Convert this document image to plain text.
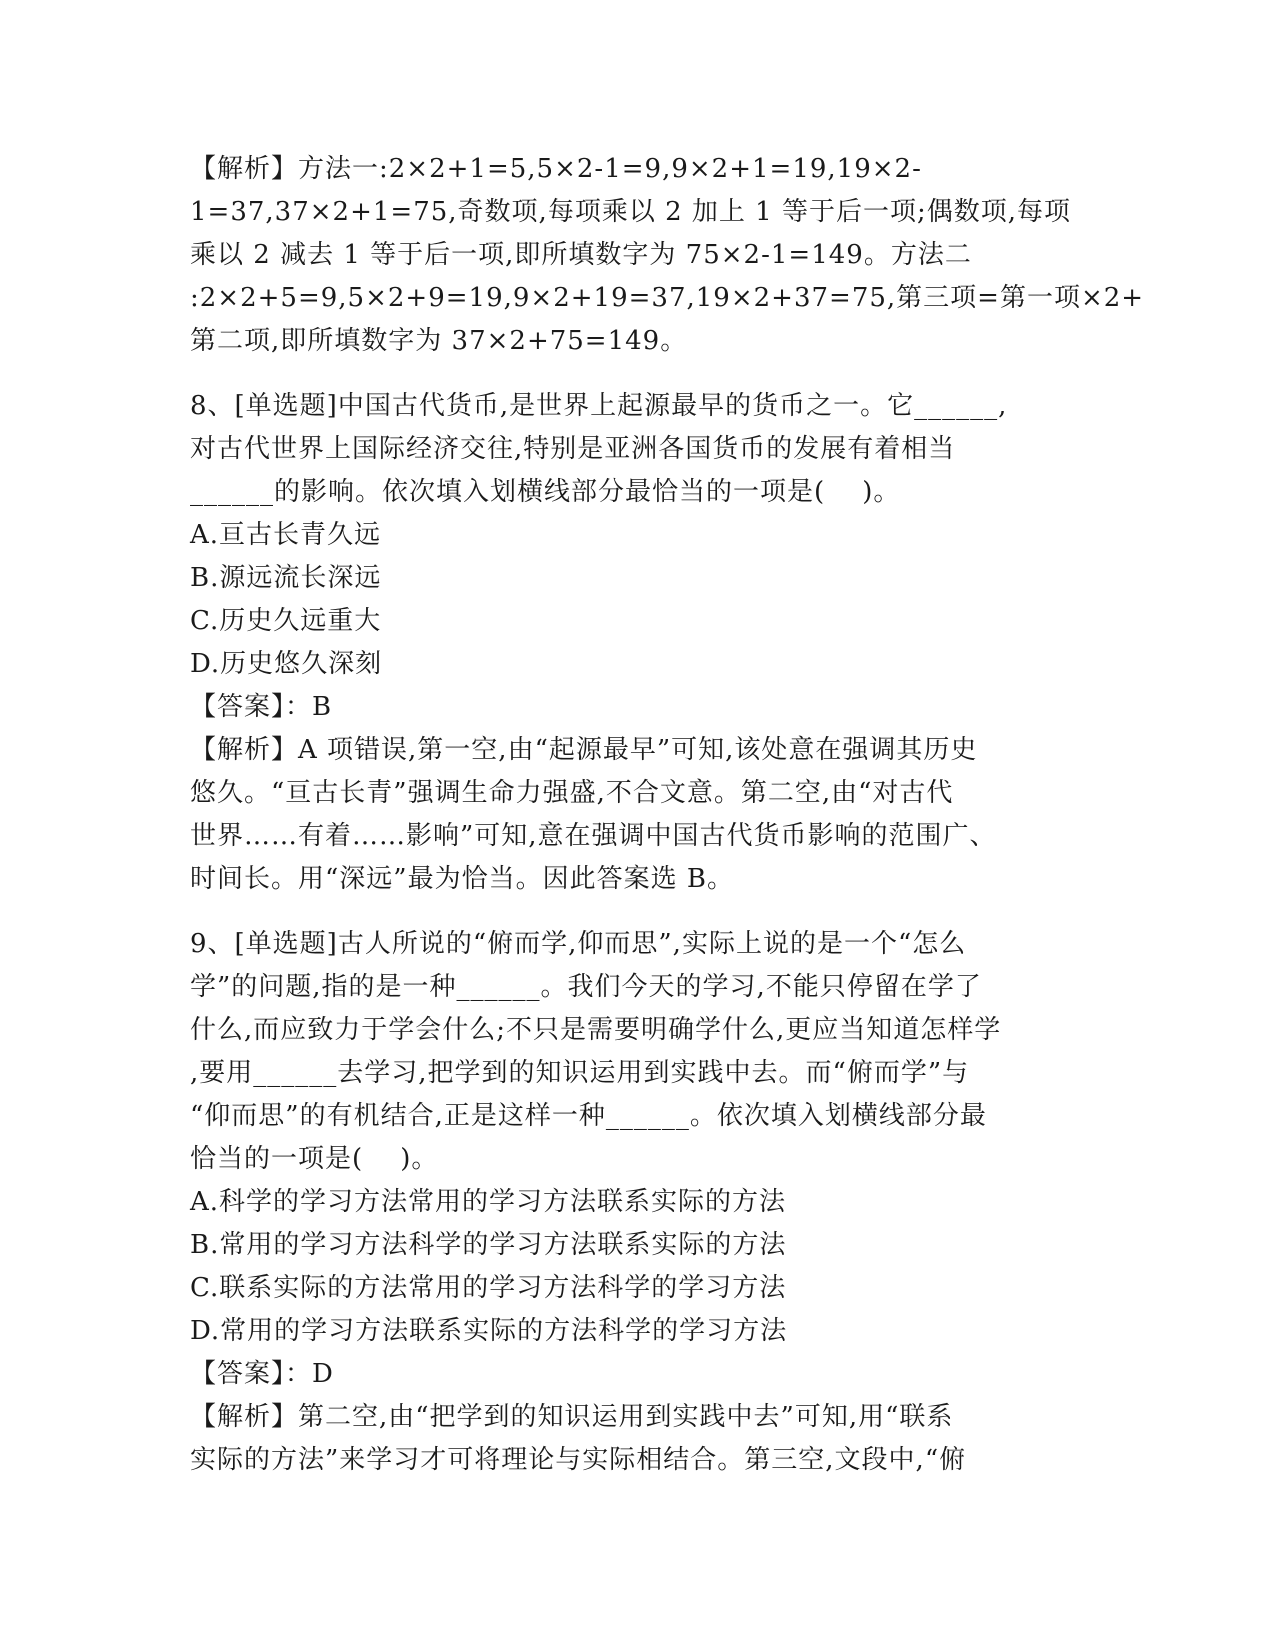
【解析】方法一:2×2+1=5,5×2-1=9,9×2+1=19,19×2-
1=37,37×2+1=75,奇数项,每项乘以 2 加上 1 等于后一项;偶数项,每项
乘以 2 减去 1 等于后一项,即所填数字为 75×2-1=149。方法二
:2×2+5=9,5×2+9=19,9×2+19=37,19×2+37=75,第三项=第一项×2+
第二项,即所填数字为 37×2+75=149。
8、[单选题]中国古代货币,是世界上起源最早的货币之一。它______,
对古代世界上国际经济交往,特别是亚洲各国货币的发展有着相当
______的影响。依次填入划横线部分最恰当的一项是(    )。
A.亘古长青久远
B.源远流长深远
C.历史久远重大
D.历史悠久深刻
【答案】：B
【解析】A 项错误,第一空,由“起源最早”可知,该处意在强调其历史
悠久。“亘古长青”强调生命力强盛,不合文意。第二空,由“对古代
世界……有着……影响”可知,意在强调中国古代货币影响的范围广、
时间长。用“深远”最为恰当。因此答案选 B。
9、[单选题]古人所说的“俯而学,仰而思”,实际上说的是一个“怎么
学”的问题,指的是一种______。我们今天的学习,不能只停留在学了
什么,而应致力于学会什么;不只是需要明确学什么,更应当知道怎样学
,要用______去学习,把学到的知识运用到实践中去。而“俯而学”与
“仰而思”的有机结合,正是这样一种______。依次填入划横线部分最
恰当的一项是(    )。
A.科学的学习方法常用的学习方法联系实际的方法
B.常用的学习方法科学的学习方法联系实际的方法
C.联系实际的方法常用的学习方法科学的学习方法
D.常用的学习方法联系实际的方法科学的学习方法
【答案】：D
【解析】第二空,由“把学到的知识运用到实践中去”可知,用“联系
实际的方法”来学习才可将理论与实际相结合。第三空,文段中,“俯
